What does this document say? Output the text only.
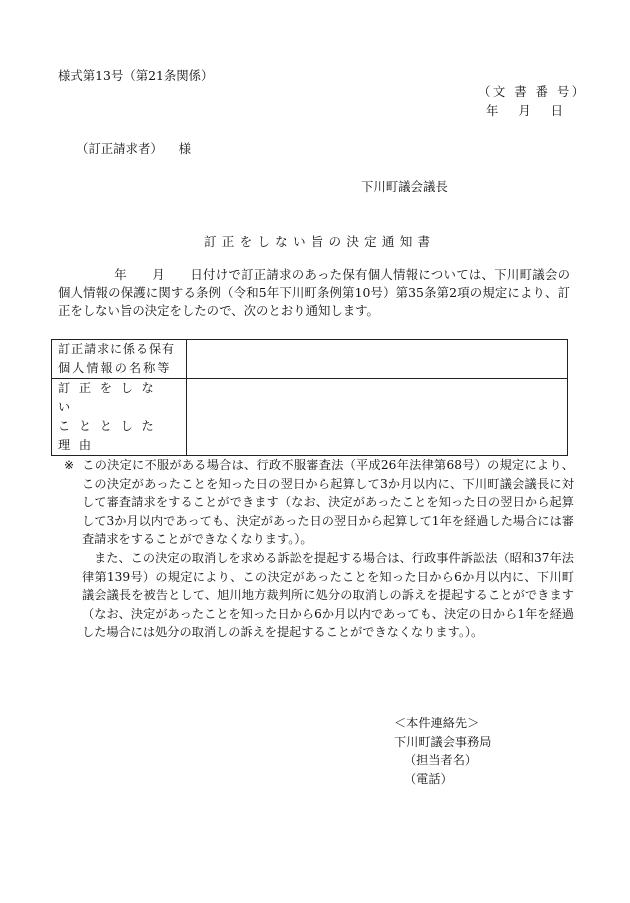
様式第13号（第21条関係）
（文 書 番 号）
年 月 日
（訂正請求者） 様
下川町議会議長
訂正をしない旨の決定通知書
年　　月　　日付けで訂正請求のあった保有個人情報については、下川町議会の個人情報の保護に関する条例（令和5年下川町条例第10号）第35条第2項の規定により、訂正をしない旨の決定をしたので、次のとおり通知します。
訂正請求に係る保有
個人情報の名称等	

訂正をしない
こととした理由	

※ この決定に不服がある場合は、行政不服審査法（平成26年法律第68号）の規定により、この決定があったことを知った日の翌日から起算して3か月以内に、下川町議会議長に対して審査請求をすることができます（なお、決定があったことを知った日の翌日から起算して3か月以内であっても、決定があった日の翌日から起算して1年を経過した場合には審査請求をすることができなくなります。）。
また、この決定の取消しを求める訴訟を提起する場合は、行政事件訴訟法（昭和37年法律第139号）の規定により、この決定があったことを知った日から6か月以内に、下川町議会議長を被告として、旭川地方裁判所に処分の取消しの訴えを提起することができます（なお、決定があったことを知った日から6か月以内であっても、決定の日から1年を経過した場合には処分の取消しの訴えを提起することができなくなります。）。
＜本件連絡先＞
下川町議会事務局
（担当者名）
（電話）
